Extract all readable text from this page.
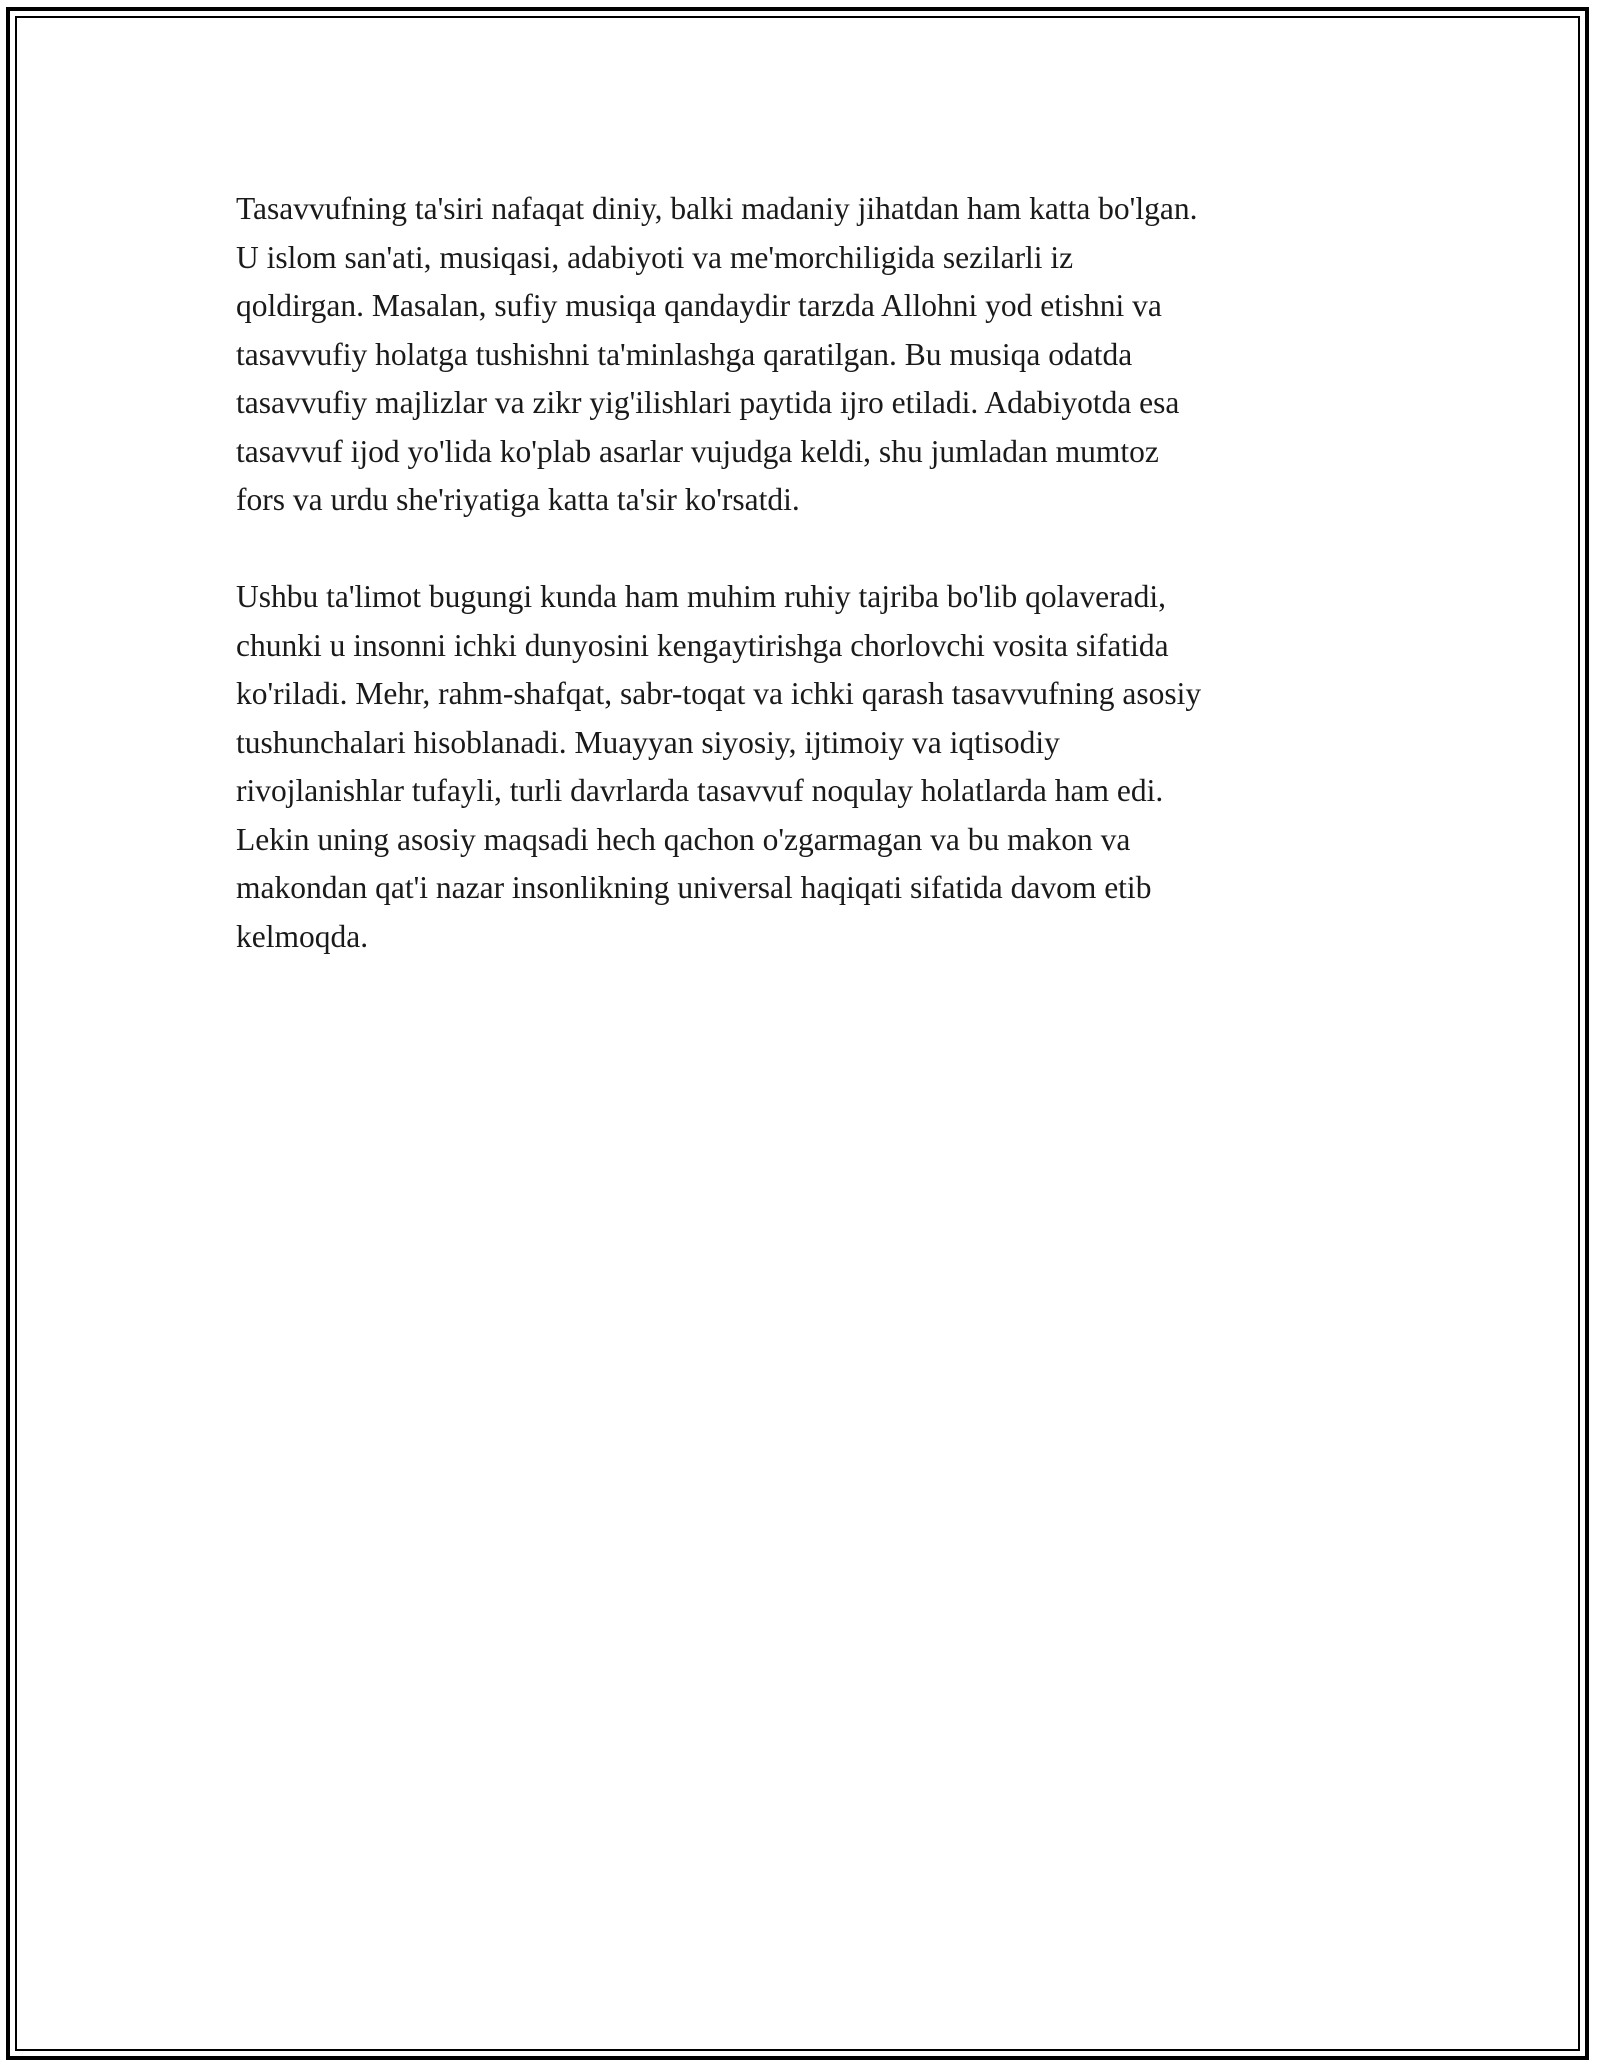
Tasavvufning ta'siri nafaqat diniy, balki madaniy jihatdan ham katta bo'lgan.
U islom san'ati, musiqasi, adabiyoti va me'morchiligida sezilarli iz
qoldirgan. Masalan, sufiy musiqa qandaydir tarzda Allohni yod etishni va
tasavvufiy holatga tushishni ta'minlashga qaratilgan. Bu musiqa odatda
tasavvufiy majlizlar va zikr yig'ilishlari paytida ijro etiladi. Adabiyotda esa
tasavvuf ijod yo'lida ko'plab asarlar vujudga keldi, shu jumladan mumtoz
fors va urdu she'riyatiga katta ta'sir ko'rsatdi.

Ushbu ta'limot bugungi kunda ham muhim ruhiy tajriba bo'lib qolaveradi,
chunki u insonni ichki dunyosini kengaytirishga chorlovchi vosita sifatida
ko'riladi. Mehr, rahm-shafqat, sabr-toqat va ichki qarash tasavvufning asosiy
tushunchalari hisoblanadi. Muayyan siyosiy, ijtimoiy va iqtisodiy
rivojlanishlar tufayli, turli davrlarda tasavvuf noqulay holatlarda ham edi.
Lekin uning asosiy maqsadi hech qachon o'zgarmagan va bu makon va
makondan qat'i nazar insonlikning universal haqiqati sifatida davom etib
kelmoqda.
